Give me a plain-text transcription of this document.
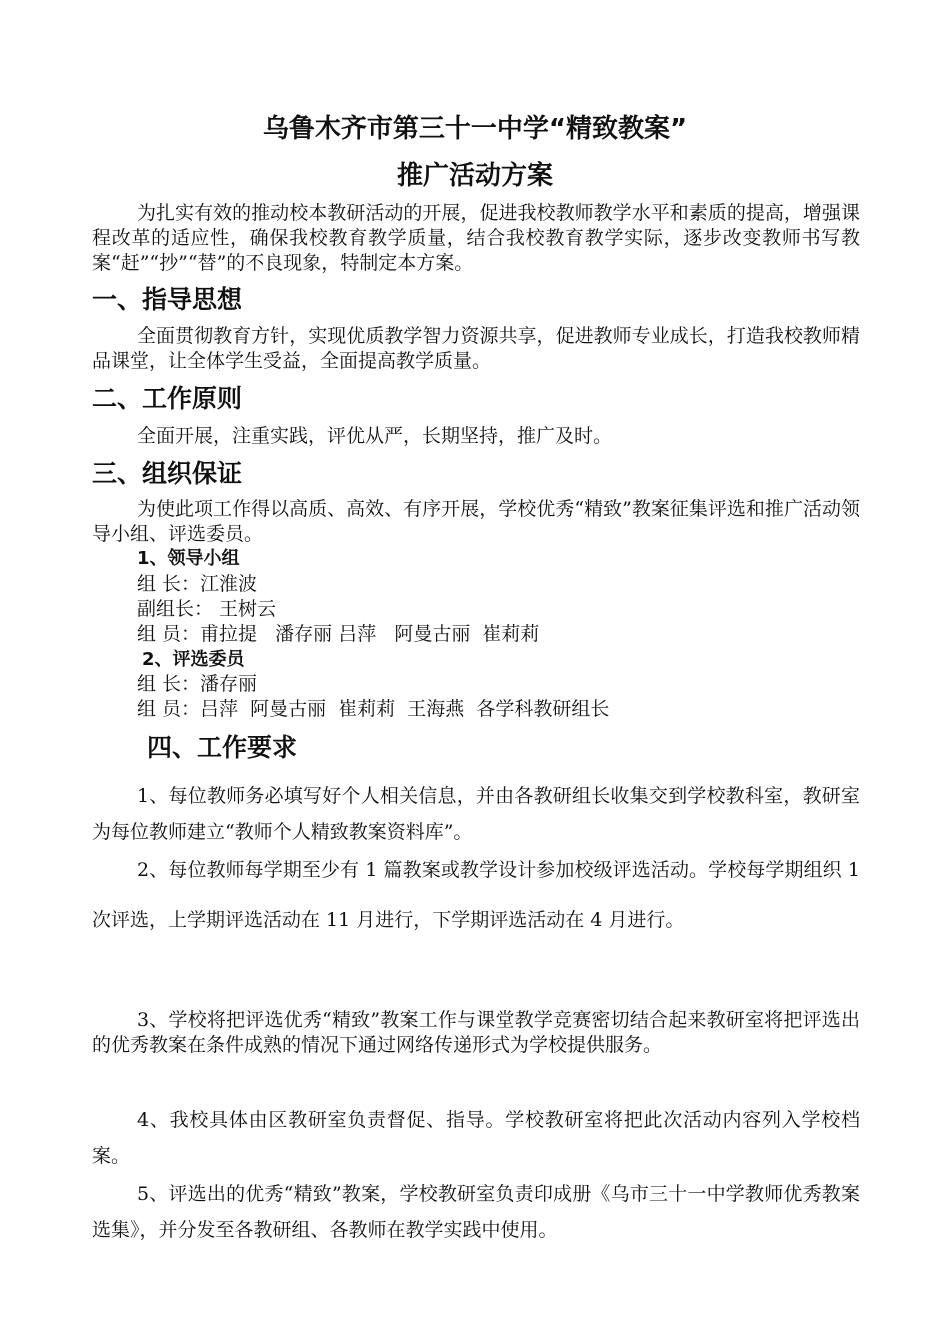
乌鲁木齐市第三十一中学“精致教案”
推广活动方案
为扎实有效的推动校本教研活动的开展，促进我校教师教学水平和素质的提高，增强课程改革的适应性，确保我校教育教学质量，结合我校教育教学实际，逐步改变教师书写教案“赶”“抄”“替”的不良现象，特制定本方案。
一、指导思想
全面贯彻教育方针，实现优质教学智力资源共享，促进教师专业成长，打造我校教师精品课堂，让全体学生受益，全面提高教学质量。
二、工作原则
全面开展，注重实践，评优从严，长期坚持，推广及时。
三、组织保证
为使此项工作得以高质、高效、有序开展，学校优秀“精致”教案征集评选和推广活动领导小组、评选委员。
1、领导小组
组 长：江淮波
副组长： 王树云
组 员：甫拉提   潘存丽 吕萍   阿曼古丽  崔莉莉
2、评选委员
组 长：潘存丽
组 员：吕萍  阿曼古丽  崔莉莉  王海燕  各学科教研组长
四、工作要求
1、每位教师务必填写好个人相关信息，并由各教研组长收集交到学校教科室，教研室为每位教师建立“教师个人精致教案资料库”。
2、每位教师每学期至少有 1 篇教案或教学设计参加校级评选活动。学校每学期组织 1 次评选，上学期评选活动在 11 月进行，下学期评选活动在 4 月进行。
3、学校将把评选优秀“精致”教案工作与课堂教学竞赛密切结合起来教研室将把评选出的优秀教案在条件成熟的情况下通过网络传递形式为学校提供服务。
4、我校具体由区教研室负责督促、指导。学校教研室将把此次活动内容列入学校档案。
5、评选出的优秀“精致”教案，学校教研室负责印成册《乌市三十一中学教师优秀教案选集》，并分发至各教研组、各教师在教学实践中使用。
